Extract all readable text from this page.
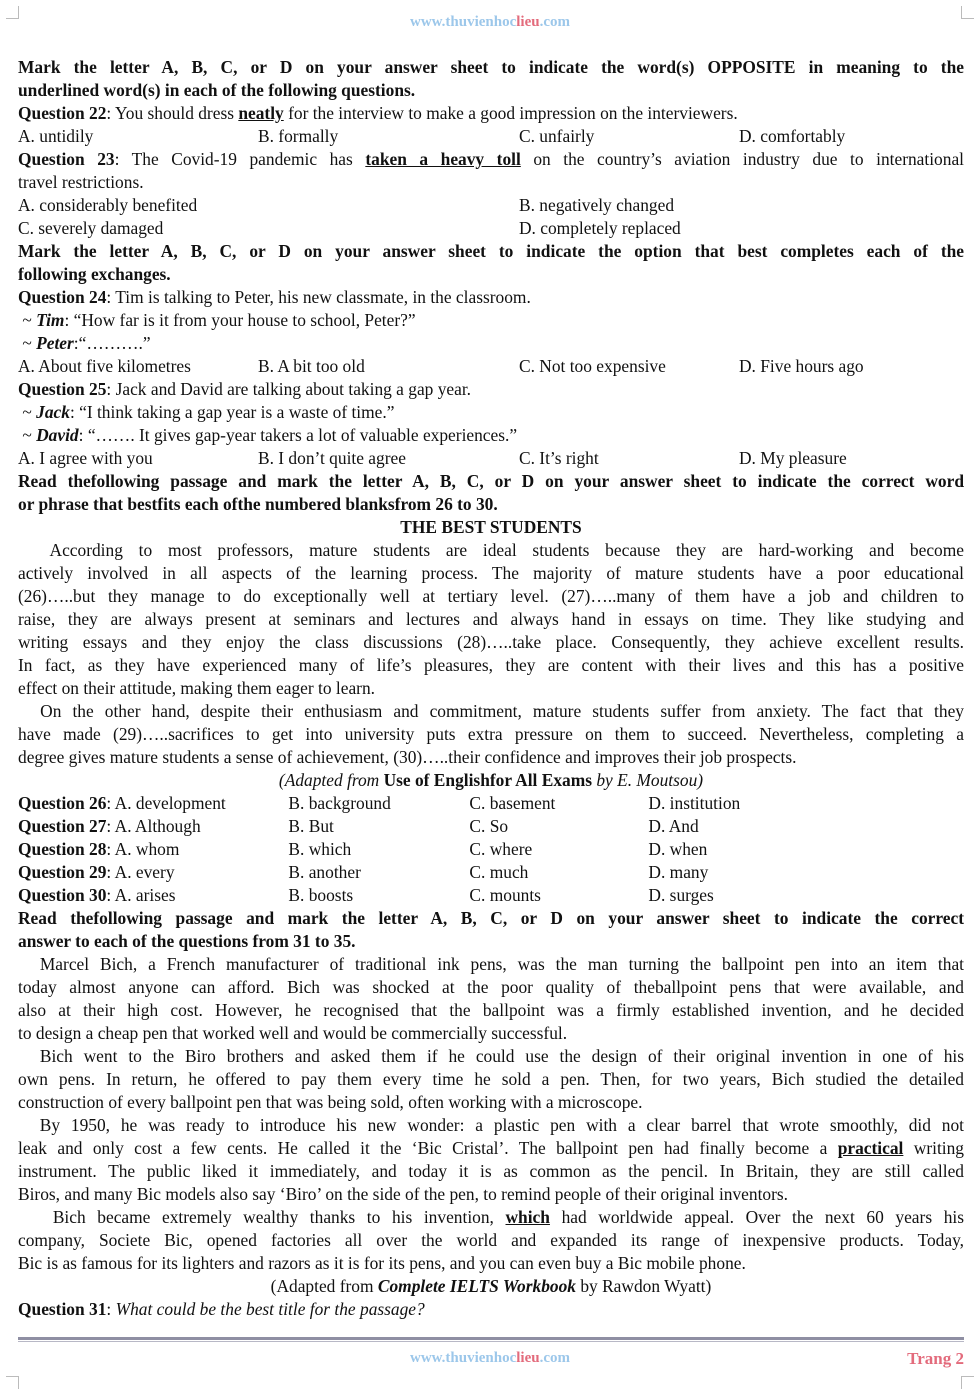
www.thuvienhoclieu.com
Mark the letter A, B, C, or D on your answer sheet to indicate the word(s) OPPOSITE in meaning to the
underlined word(s) in each of the following questions.
Question 22: You should dress neatly for the interview to make a good impression on the interviewers.
A. untidily	B. formally	C. unfairly	D. comfortably
Question 23: The Covid-19 pandemic has taken a heavy toll on the country’s aviation industry due to international
travel restrictions.
A. considerably benefited	B. negatively changed
C. severely damaged	D. completely replaced
Mark the letter A, B, C, or D on your answer sheet to indicate the option that best completes each of the
following exchanges.
Question 24: Tim is talking to Peter, his new classmate, in the classroom.
~ Tim: “How far is it from your house to school, Peter?”
~ Peter:“……….”
A. About five kilometres	B. A bit too old	C. Not too expensive	D. Five hours ago
Question 25: Jack and David are talking about taking a gap year.
~ Jack: “I think taking a gap year is a waste of time.”
~ David: “……. It gives gap-year takers a lot of valuable experiences.”
A. I agree with you	B. I don’t quite agree	C. It’s right	D. My pleasure
Read thefollowing passage and mark the letter A, B, C, or D on your answer sheet to indicate the correct word
or phrase that bestfits each ofthe numbered blanksfrom 26 to 30.
THE BEST STUDENTS
According to most professors, mature students are ideal students because they are hard-working and become
actively involved in all aspects of the learning process. The majority of mature students have a poor educational
(26)…..but they manage to do exceptionally well at tertiary level. (27)…..many of them have a job and children to
raise, they are always present at seminars and lectures and always hand in essays on time. They like studying and
writing essays and they enjoy the class discussions (28)…..take place. Consequently, they achieve excellent results.
In fact, as they have experienced many of life’s pleasures, they are content with their lives and this has a positive
effect on their attitude, making them eager to learn.
On the other hand, despite their enthusiasm and commitment, mature students suffer from anxiety. The fact that they
have made (29)…..sacrifices to get into university puts extra pressure on them to succeed. Nevertheless, completing a
degree gives mature students a sense of achievement, (30)…..their confidence and improves their job prospects.
(Adapted from Use of Englishfor All Exams by E. Moutsou)
Question 26 : A. development	B. background	C. basement	D. institution
Question 27 : A. Although	B. But	C. So	D. And
Question 28 : A. whom	B. which	C. where	D. when
Question 29 : A. every	B. another	C. much	D. many
Question 30 : A. arises	B. boosts	C. mounts	D. surges
Read thefollowing passage and mark the letter A, B, C, or D on your answer sheet to indicate the correct
answer to each of the questions from 31 to 35.
Marcel Bich, a French manufacturer of traditional ink pens, was the man turning the ballpoint pen into an item that
today almost anyone can afford. Bich was shocked at the poor quality of theballpoint pens that were available, and
also at their high cost. However, he recognised that the ballpoint was a firmly established invention, and he decided
to design a cheap pen that worked well and would be commercially successful.
Bich went to the Biro brothers and asked them if he could use the design of their original invention in one of his
own pens. In return, he offered to pay them every time he sold a pen. Then, for two years, Bich studied the detailed
construction of every ballpoint pen that was being sold, often working with a microscope.
By 1950, he was ready to introduce his new wonder: a plastic pen with a clear barrel that wrote smoothly, did not
leak and only cost a few cents. He called it the ‘Bic Cristal’. The ballpoint pen had finally become a practical writing
instrument. The public liked it immediately, and today it is as common as the pencil. In Britain, they are still called
Biros, and many Bic models also say ‘Biro’ on the side of the pen, to remind people of their original inventors.
Bich became extremely wealthy thanks to his invention, which had worldwide appeal. Over the next 60 years his
company, Societe Bic, opened factories all over the world and expanded its range of inexpensive products. Today,
Bic is as famous for its lighters and razors as it is for its pens, and you can even buy a Bic mobile phone.
(Adapted from Complete IELTS Workbook by Rawdon Wyatt)
Question 31: What could be the best title for the passage?
www.thuvienhoclieu.com	Trang 2
